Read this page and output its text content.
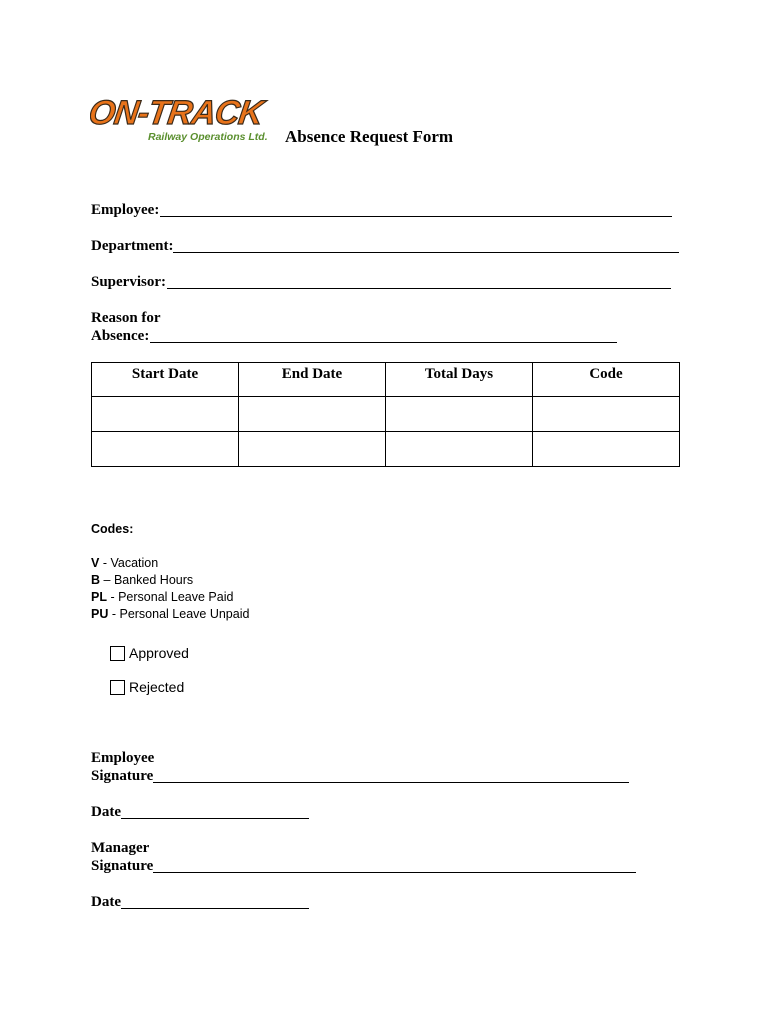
ON-TRACK
Railway Operations Ltd. Absence Request Form
Employee:
Department:
Supervisor:
Reason for
Absence:
Start Date	End Date	Total Days	Code

Codes:
V - Vacation
B – Banked Hours
PL - Personal Leave Paid
PU - Personal Leave Unpaid
Approved
Rejected
Employee
Signature
Date
Manager
Signature
Date
